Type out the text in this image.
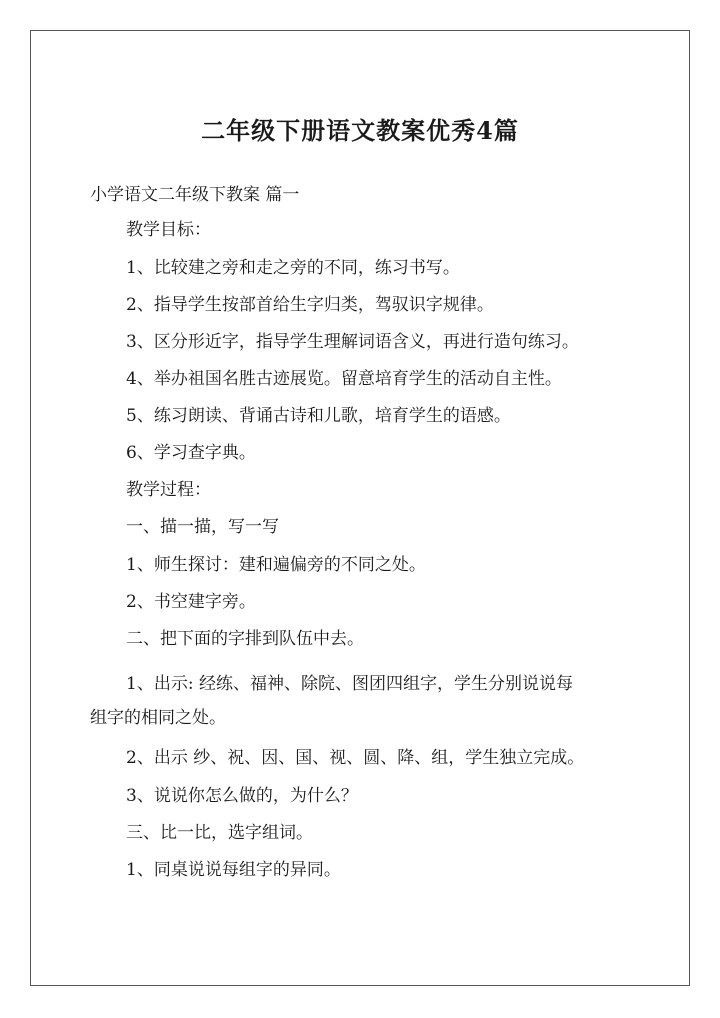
二年级下册语文教案优秀4篇
小学语文二年级下教案 篇一
教学目标：
1、比较建之旁和走之旁的不同，练习书写。
2、指导学生按部首给生字归类，驾驭识字规律。
3、区分形近字，指导学生理解词语含义，再进行造句练习。
4、举办祖国名胜古迹展览。留意培育学生的活动自主性。
5、练习朗读、背诵古诗和儿歌，培育学生的语感。
6、学习查字典。
教学过程：
一、描一描，写一写
1、师生探讨：建和遍偏旁的不同之处。
2、书空建字旁。
二、把下面的字排到队伍中去。
1、出示: 经练、福神、除院、图团四组字，学生分别说说每
组字的相同之处。
2、出示 纱、祝、因、国、视、圆、降、组，学生独立完成。
3、说说你怎么做的，为什么？
三、比一比，选字组词。
1、同桌说说每组字的异同。
